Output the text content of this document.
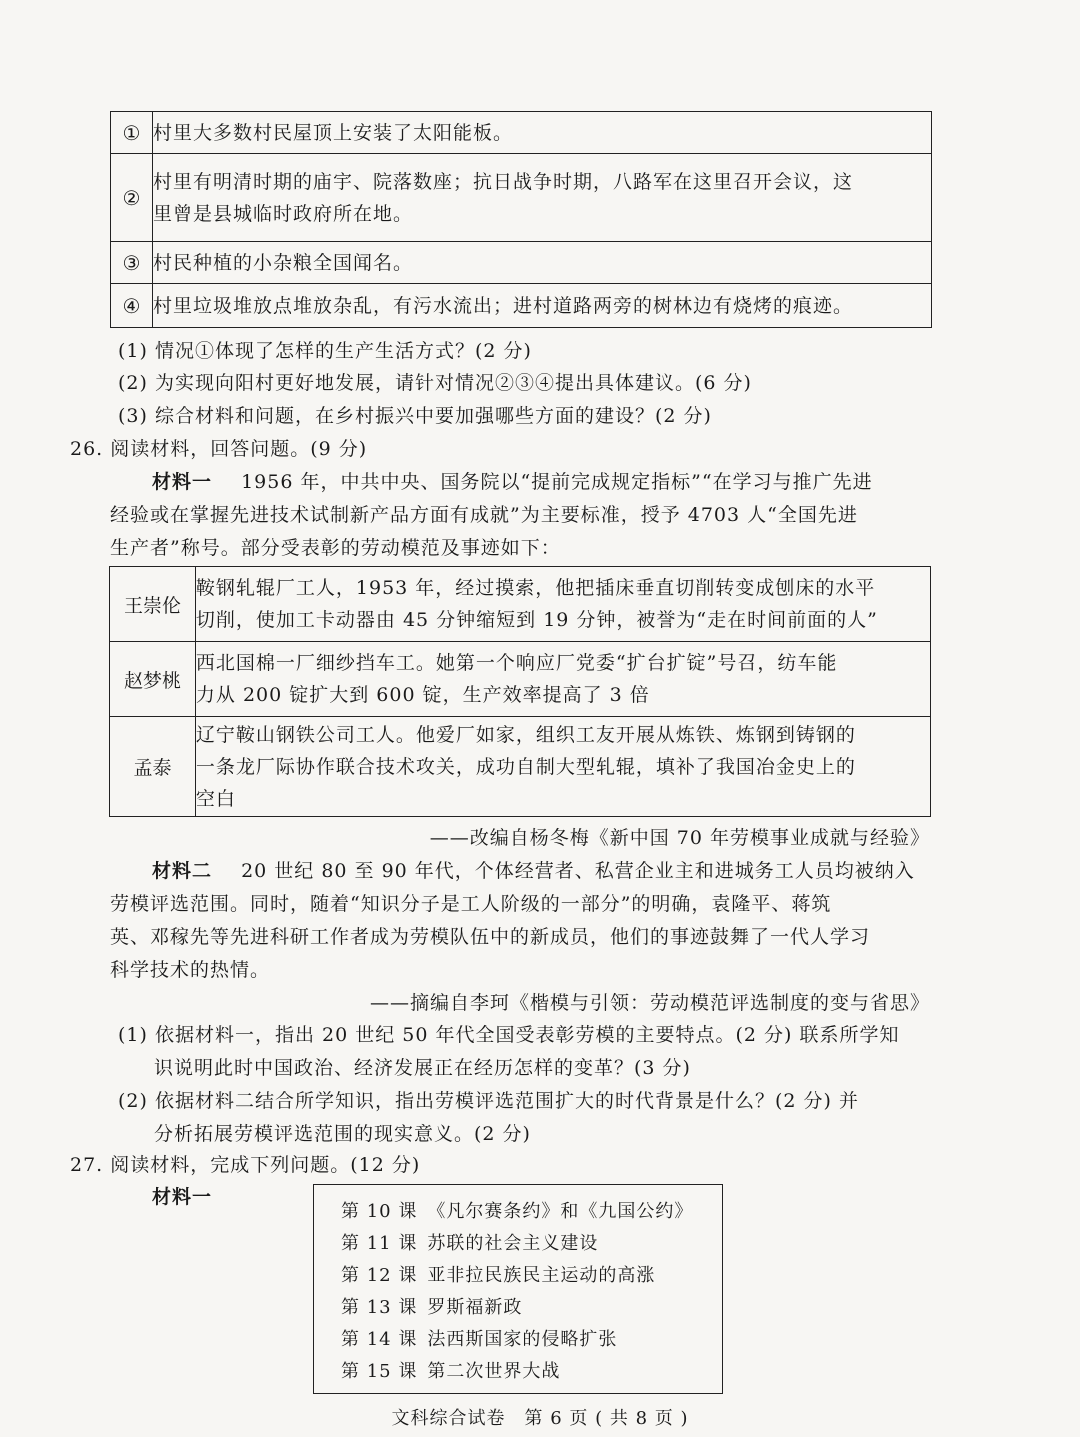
①	村里大多数村民屋顶上安装了太阳能板。
②	村里有明清时期的庙宇、院落数座；抗日战争时期，八路军在这里召开会议，这
里曾是县城临时政府所在地。

③	村民种植的小杂粮全国闻名。
④	村里垃圾堆放点堆放杂乱，有污水流出；进村道路两旁的树林边有烧烤的痕迹。
(1) 情况①体现了怎样的生产生活方式？(2 分)
(2) 为实现向阳村更好地发展，请针对情况②③④提出具体建议。(6 分)
(3) 综合材料和问题，在乡村振兴中要加强哪些方面的建设？(2 分)
26. 阅读材料，回答问题。(9 分)
材料一 1956 年，中共中央、国务院以“提前完成规定指标”“在学习与推广先进
经验或在掌握先进技术试制新产品方面有成就”为主要标准，授予 4703 人“全国先进
生产者”称号。部分受表彰的劳动模范及事迹如下：
王崇伦	鞍钢轧辊厂工人，1953 年，经过摸索，他把插床垂直切削转变成刨床的水平
切削，使加工卡动器由 45 分钟缩短到 19 分钟，被誉为“走在时间前面的人”

赵梦桃	西北国棉一厂细纱挡车工。她第一个响应厂党委“扩台扩锭”号召，纺车能
力从 200 锭扩大到 600 锭，生产效率提高了 3 倍

孟泰	辽宁鞍山钢铁公司工人。他爱厂如家，组织工友开展从炼铁、炼钢到铸钢的
一条龙厂际协作联合技术攻关，成功自制大型轧辊，填补了我国冶金史上的
空白
——改编自杨冬梅《新中国 70 年劳模事业成就与经验》
材料二 20 世纪 80 至 90 年代，个体经营者、私营企业主和进城务工人员均被纳入
劳模评选范围。同时，随着“知识分子是工人阶级的一部分”的明确，袁隆平、蒋筑
英、邓稼先等先进科研工作者成为劳模队伍中的新成员，他们的事迹鼓舞了一代人学习
科学技术的热情。
——摘编自李珂《楷模与引领：劳动模范评选制度的变与省思》
(1) 依据材料一，指出 20 世纪 50 年代全国受表彰劳模的主要特点。(2 分) 联系所学知
识说明此时中国政治、经济发展正在经历怎样的变革？(3 分)
(2) 依据材料二结合所学知识，指出劳模评选范围扩大的时代背景是什么？(2 分) 并
分析拓展劳模评选范围的现实意义。(2 分)
27. 阅读材料，完成下列问题。(12 分)
材料一
第 10 课 《凡尔赛条约》和《九国公约》
第 11 课 苏联的社会主义建设
第 12 课 亚非拉民族民主运动的高涨
第 13 课 罗斯福新政
第 14 课 法西斯国家的侵略扩张
第 15 课 第二次世界大战
文科综合试卷　第 6 页 ( 共 8 页 )
